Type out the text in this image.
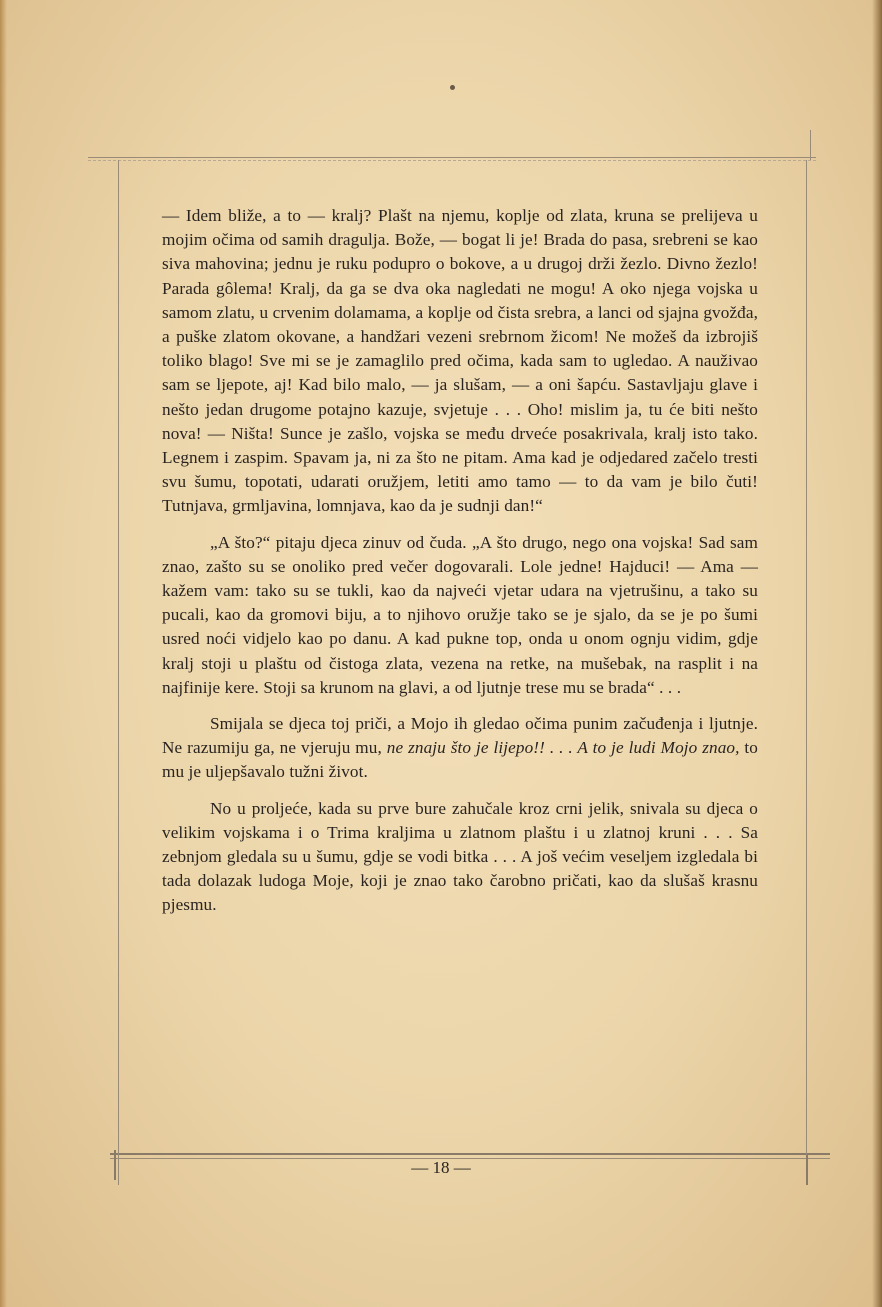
— Idem bliže, a to — kralj? Plašt na njemu, koplje od zlata, kruna se prelijeva u mojim očima od samih dragulja. Bože, — bogat li je! Brada do pasa, srebreni se kao siva mahovina; jednu je ruku podupro o bokove, a u drugoj drži žezlo. Divno žezlo! Parada gôlema! Kralj, da ga se dva oka nagledati ne mogu! A oko njega vojska u samom zlatu, u crvenim dolamama, a koplje od čista srebra, a lanci od sjajna gvožđa, a puške zlatom okovane, a handžari vezeni srebrnom žicom! Ne možeš da izbrojiš toliko blago! Sve mi se je zamaglilo pred očima, kada sam to ugledao. A nauživao sam se ljepote, aj! Kad bilo malo, — ja slušam, — a oni šapću. Sastavljaju glave i nešto jedan drugome potajno kazuje, svjetuje . . . Oho! mislim ja, tu će biti nešto nova! — Ništa! Sunce je zašlo, vojska se među drveće posakrivala, kralj isto tako. Legnem i zaspim. Spavam ja, ni za što ne pitam. Ama kad je odjedared začelo tresti svu šumu, topotati, udarati oružjem, letiti amo tamo — to da vam je bilo čuti! Tutnjava, grmljavina, lomnjava, kao da je sudnji dan!“

„A što?“ pitaju djeca zinuv od čuda. „A što drugo, nego ona vojska! Sad sam znao, zašto su se onoliko pred večer dogovarali. Lole jedne! Hajduci! — Ama — kažem vam: tako su se tukli, kao da najveći vjetar udara na vjetrušinu, a tako su pucali, kao da gromovi biju, a to njihovo oružje tako se je sjalo, da se je po šumi usred noći vidjelo kao po danu. A kad pukne top, onda u onom ognju vidim, gdje kralj stoji u plaštu od čistoga zlata, vezena na retke, na mušebak, na rasplit i na najfinije kere. Stoji sa krunom na glavi, a od ljutnje trese mu se brada“ . . .

Smijala se djeca toj priči, a Mojo ih gledao očima punim začuđenja i ljutnje. Ne razumiju ga, ne vjeruju mu, ne znaju što je lijepo!! . . . A to je ludi Mojo znao, to mu je uljepšavalo tužni život.

No u proljeće, kada su prve bure zahučale kroz crni jelik, snivala su djeca o velikim vojskama i o Trima kraljima u zlatnom plaštu i u zlatnoj kruni . . . Sa zebnjom gledala su u šumu, gdje se vodi bitka . . . A još većim veseljem izgledala bi tada dolazak ludoga Moje, koji je znao tako čarobno pričati, kao da slušaš krasnu pjesmu.

— 18 —
